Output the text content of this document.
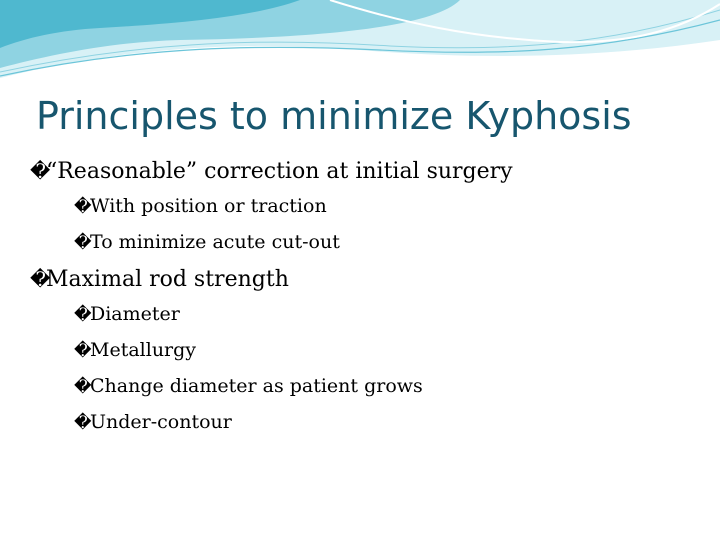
Principles to minimize Kyphosis
�“Reasonable” correction at initial surgery
�With position or traction
�To minimize acute cut-out
�Maximal rod strength
�Diameter
�Metallurgy
�Change diameter as patient grows
�Under-contour
